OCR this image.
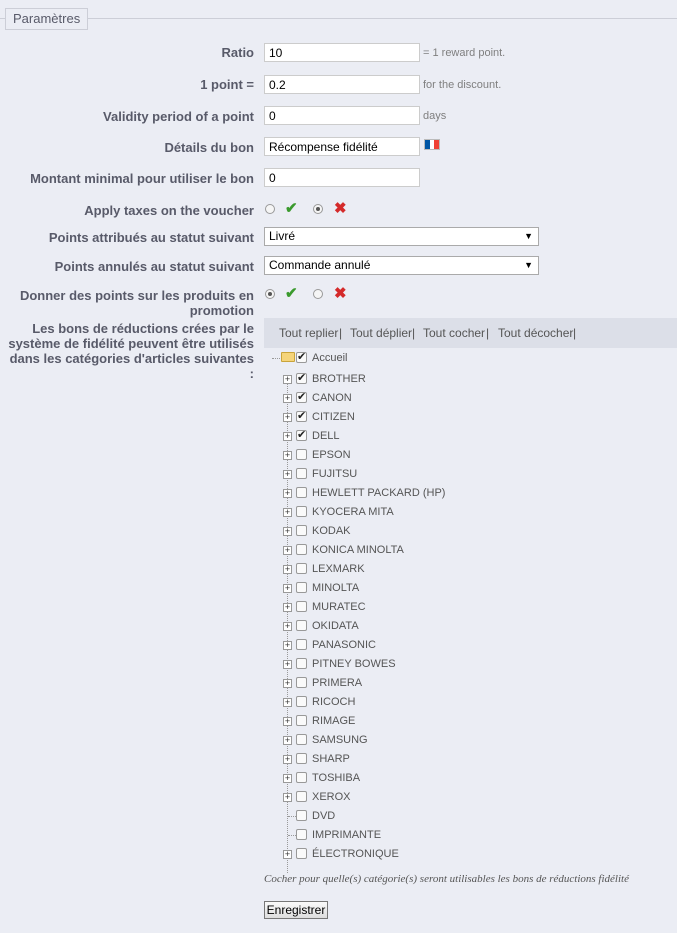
Paramètres
Ratio	10	= 1 reward point.
1 point =	0.2	for the discount.
Validity period of a point	0	days
Détails du bon	Récompense fidélité
Montant minimal pour utiliser le bon	0
Apply taxes on the voucher ✔ ✖
Points attribués au statut suivant	Livré	▼
Points annulés au statut suivant	Commande annulé	▼
Donner des points sur les produits en
promotion
✔ ✖
Les bons de réductions crées par le
système de fidélité peuvent être utilisés
dans les catégories d'articles suivantes
:
Tout replier | Tout déplier | Tout cocher | Tout décocher |
✔
Accueil
+ ✔ BROTHER
+ ✔ CANON
+ ✔ CITIZEN
+ ✔ DELL
+ EPSON
+ FUJITSU
+ HEWLETT PACKARD (HP)
+ KYOCERA MITA
+ KODAK
+ KONICA MINOLTA
+ LEXMARK
+ MINOLTA
+ MURATEC
+ OKIDATA
+ PANASONIC
+ PITNEY BOWES
+ PRIMERA
+ RICOCH
+ RIMAGE
+ SAMSUNG
+ SHARP
+ TOSHIBA
+ XEROX
DVD
IMPRIMANTE
+ ÉLECTRONIQUE
Cocher pour quelle(s) catégorie(s) seront utilisables les bons de réductions fidélité
Enregistrer
